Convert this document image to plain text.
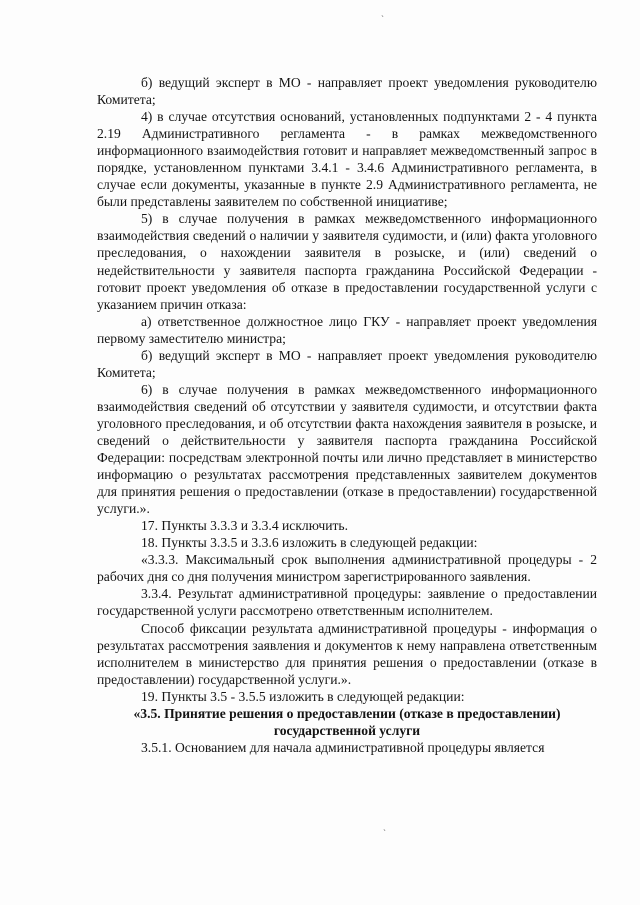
ˏ

б) ведущий эксперт в МО - направляет проект уведомления руководителю Комитета;

4) в случае отсутствия оснований, установленных подпунктами 2 - 4 пункта 2.19 Административного регламента - в рамках межведомственного информационного взаимодействия готовит и направляет межведомственный запрос в порядке, установленном пунктами 3.4.1 - 3.4.6 Административного регламента, в случае если документы, указанные в пункте 2.9 Административного регламента, не были представлены заявителем по собственной инициативе;

5) в случае получения в рамках межведомственного информационного взаимодействия сведений о наличии у заявителя судимости, и (или) факта уголовного преследования, о нахождении заявителя в розыске, и (или) сведений о недействительности у заявителя паспорта гражданина Российской Федерации - готовит проект уведомления об отказе в предоставлении государственной услуги с указанием причин отказа:

а) ответственное должностное лицо ГКУ - направляет проект уведомления первому заместителю министра;

б) ведущий эксперт в МО - направляет проект уведомления руководителю Комитета;

6) в случае получения в рамках межведомственного информационного взаимодействия сведений об отсутствии у заявителя судимости, и отсутствии факта уголовного преследования, и об отсутствии факта нахождения заявителя в розыске, и сведений о действительности у заявителя паспорта гражданина Российской Федерации: посредствам электронной почты или лично представляет в министерство информацию о результатах рассмотрения представленных заявителем документов для принятия решения о предоставлении (отказе в предоставлении) государственной услуги.».

17. Пункты 3.3.3 и 3.3.4 исключить.

18. Пункты 3.3.5 и 3.3.6 изложить в следующей редакции:

«3.3.3. Максимальный срок выполнения административной процедуры - 2 рабочих дня со дня получения министром зарегистрированного заявления.

3.3.4. Результат административной процедуры: заявление о предоставлении государственной услуги рассмотрено ответственным исполнителем.

Способ фиксации результата административной процедуры - информация о результатах рассмотрения заявления и документов к нему направлена ответственным исполнителем в министерство для принятия решения о предоставлении (отказе в предоставлении) государственной услуги.».

19. Пункты 3.5 - 3.5.5 изложить в следующей редакции:

«3.5. Принятие решения о предоставлении (отказе в предоставлении) государственной услуги

3.5.1. Основанием для начала административной процедуры является

ˏ
